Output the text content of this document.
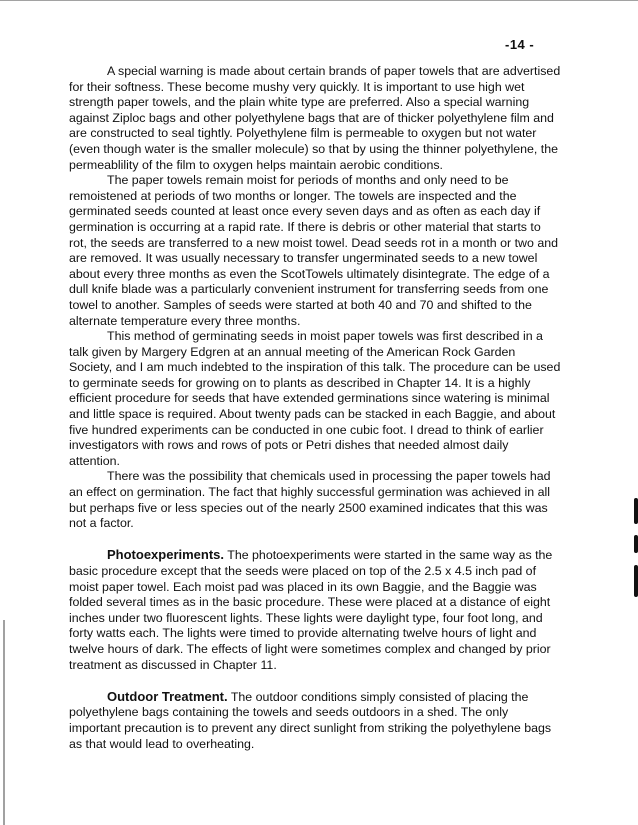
-14 -

A special warning is made about certain brands of paper towels that are advertised for their softness. These become mushy very quickly. It is important to use high wet strength paper towels, and the plain white type are preferred. Also a special warning against Ziploc bags and other polyethylene bags that are of thicker polyethylene film and are constructed to seal tightly. Polyethylene film is permeable to oxygen but not water (even though water is the smaller molecule) so that by using the thinner polyethylene, the permeablility of the film to oxygen helps maintain aerobic conditions.

The paper towels remain moist for periods of months and only need to be remoistened at periods of two months or longer. The towels are inspected and the germinated seeds counted at least once every seven days and as often as each day if germination is occurring at a rapid rate. If there is debris or other material that starts to rot, the seeds are transferred to a new moist towel. Dead seeds rot in a month or two and are removed. It was usually necessary to transfer ungerminated seeds to a new towel about every three months as even the ScotTowels ultimately disintegrate. The edge of a dull knife blade was a particularly convenient instrument for transferring seeds from one towel to another. Samples of seeds were started at both 40 and 70 and shifted to the alternate temperature every three months.

This method of germinating seeds in moist paper towels was first described in a talk given by Margery Edgren at an annual meeting of the American Rock Garden Society, and I am much indebted to the inspiration of this talk. The procedure can be used to germinate seeds for growing on to plants as described in Chapter 14. It is a highly efficient procedure for seeds that have extended germinations since watering is minimal and little space is required. About twenty pads can be stacked in each Baggie, and about five hundred experiments can be conducted in one cubic foot. I dread to think of earlier investigators with rows and rows of pots or Petri dishes that needed almost daily attention.

There was the possibility that chemicals used in processing the paper towels had an effect on germination. The fact that highly successful germination was achieved in all but perhaps five or less species out of the nearly 2500 examined indicates that this was not a factor.

Photoexperiments. The photoexperiments were started in the same way as the basic procedure except that the seeds were placed on top of the 2.5 x 4.5 inch pad of moist paper towel. Each moist pad was placed in its own Baggie, and the Baggie was folded several times as in the basic procedure. These were placed at a distance of eight inches under two fluorescent lights. These lights were daylight type, four foot long, and forty watts each. The lights were timed to provide alternating twelve hours of light and twelve hours of dark. The effects of light were sometimes complex and changed by prior treatment as discussed in Chapter 11.

Outdoor Treatment. The outdoor conditions simply consisted of placing the polyethylene bags containing the towels and seeds outdoors in a shed. The only important precaution is to prevent any direct sunlight from striking the polyethylene bags as that would lead to overheating.
